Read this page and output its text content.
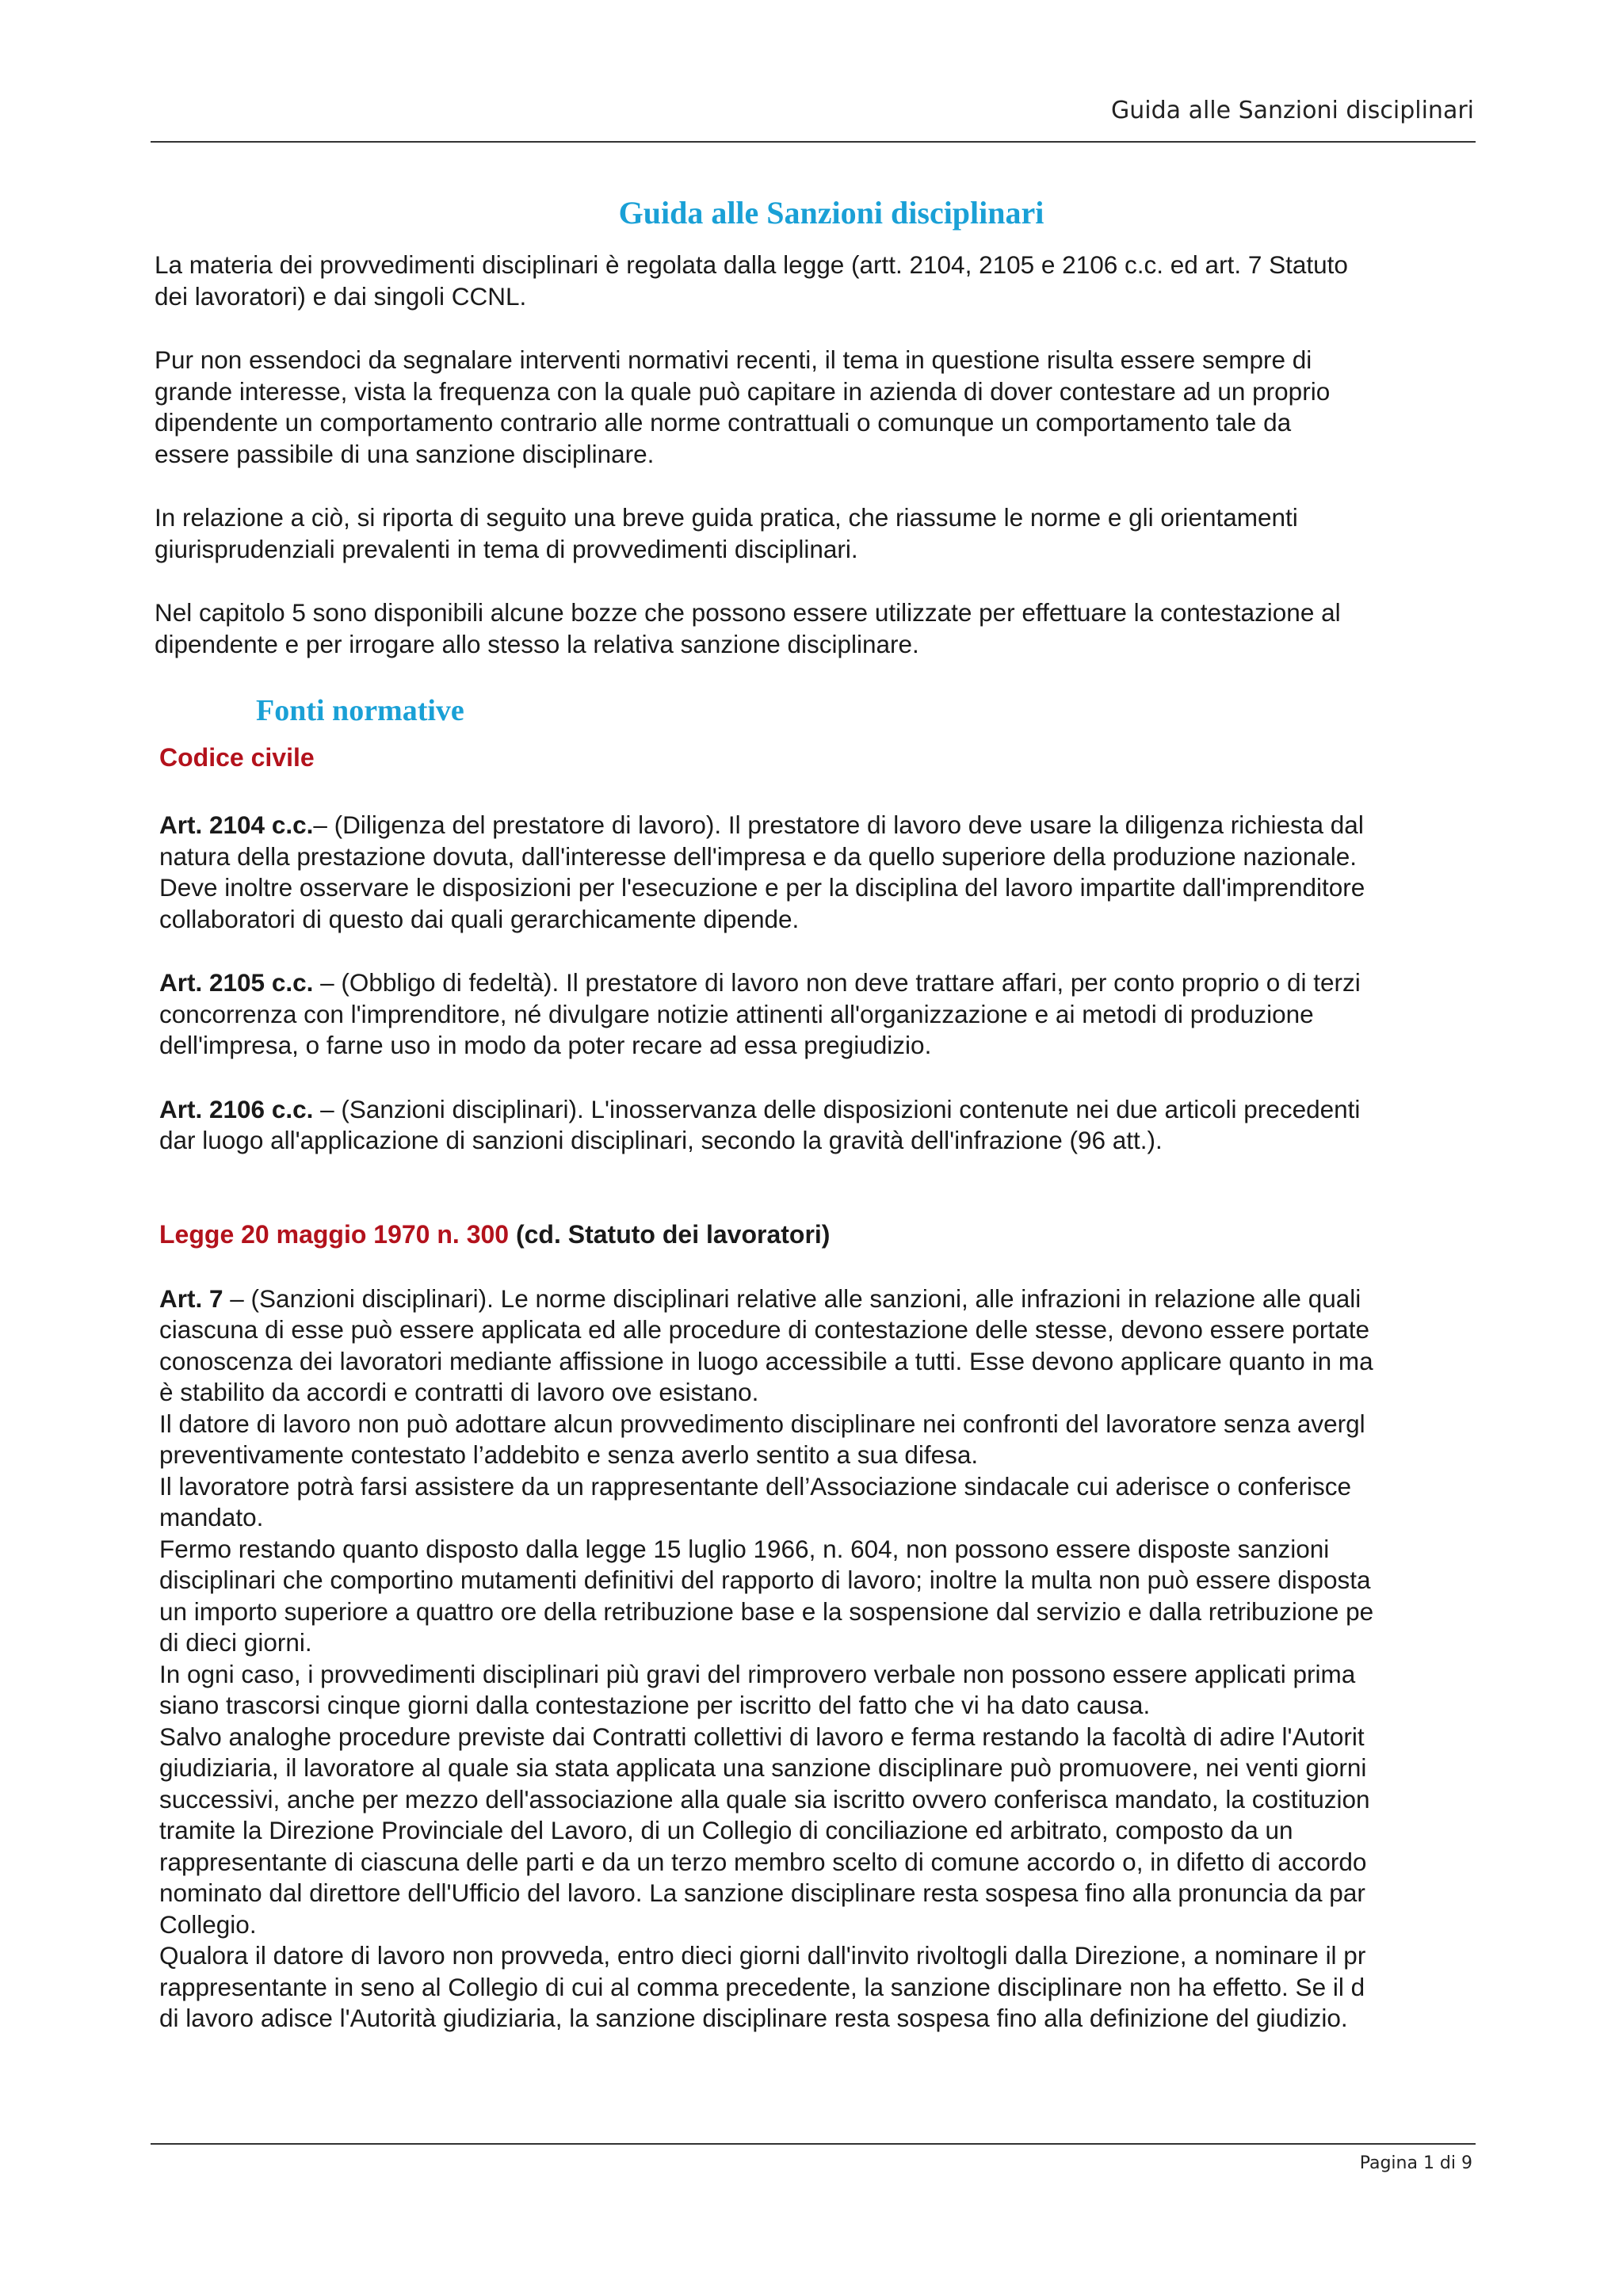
Guida alle Sanzioni disciplinari
Guida alle Sanzioni disciplinari

La materia dei provvedimenti disciplinari è regolata dalla legge (artt. 2104, 2105 e 2106 c.c. ed art. 7 Statuto
dei lavoratori) e dai singoli CCNL.

Pur non essendoci da segnalare interventi normativi recenti, il tema in questione risulta essere sempre di
grande interesse, vista la frequenza con la quale può capitare in azienda di dover contestare ad un proprio
dipendente un comportamento contrario alle norme contrattuali o comunque un comportamento tale da
essere passibile di una sanzione disciplinare.

In relazione a ciò, si riporta di seguito una breve guida pratica, che riassume le norme e gli orientamenti
giurisprudenziali prevalenti in tema di provvedimenti disciplinari.

Nel capitolo 5 sono disponibili alcune bozze che possono essere utilizzate per effettuare la contestazione al
dipendente e per irrogare allo stesso la relativa sanzione disciplinare.

Fonti normative
Codice civile
Art. 2104 c.c.– (Diligenza del prestatore di lavoro). Il prestatore di lavoro deve usare la diligenza richiesta dal
natura della prestazione dovuta, dall'interesse dell'impresa e da quello superiore della produzione nazionale.
Deve inoltre osservare le disposizioni per l'esecuzione e per la disciplina del lavoro impartite dall'imprenditore
collaboratori di questo dai quali gerarchicamente dipende.
Art. 2105 c.c. – (Obbligo di fedeltà). Il prestatore di lavoro non deve trattare affari, per conto proprio o di terzi
concorrenza con l'imprenditore, né divulgare notizie attinenti all'organizzazione e ai metodi di produzione
dell'impresa, o farne uso in modo da poter recare ad essa pregiudizio.
Art. 2106 c.c. – (Sanzioni disciplinari). L'inosservanza delle disposizioni contenute nei due articoli precedenti
dar luogo all'applicazione di sanzioni disciplinari, secondo la gravità dell'infrazione (96 att.).
Legge 20 maggio 1970 n. 300 (cd. Statuto dei lavoratori)
Art. 7 – (Sanzioni disciplinari). Le norme disciplinari relative alle sanzioni, alle infrazioni in relazione alle quali
ciascuna di esse può essere applicata ed alle procedure di contestazione delle stesse, devono essere portate
conoscenza dei lavoratori mediante affissione in luogo accessibile a tutti. Esse devono applicare quanto in ma
è stabilito da accordi e contratti di lavoro ove esistano.
Il datore di lavoro non può adottare alcun provvedimento disciplinare nei confronti del lavoratore senza avergl
preventivamente contestato l’addebito e senza averlo sentito a sua difesa.
Il lavoratore potrà farsi assistere da un rappresentante dell’Associazione sindacale cui aderisce o conferisce
mandato.
Fermo restando quanto disposto dalla legge 15 luglio 1966, n. 604, non possono essere disposte sanzioni
disciplinari che comportino mutamenti definitivi del rapporto di lavoro; inoltre la multa non può essere disposta
un importo superiore a quattro ore della retribuzione base e la sospensione dal servizio e dalla retribuzione pe
di dieci giorni.
In ogni caso, i provvedimenti disciplinari più gravi del rimprovero verbale non possono essere applicati prima
siano trascorsi cinque giorni dalla contestazione per iscritto del fatto che vi ha dato causa.
Salvo analoghe procedure previste dai Contratti collettivi di lavoro e ferma restando la facoltà di adire l'Autorit
giudiziaria, il lavoratore al quale sia stata applicata una sanzione disciplinare può promuovere, nei venti giorni
successivi, anche per mezzo dell'associazione alla quale sia iscritto ovvero conferisca mandato, la costituzion
tramite la Direzione Provinciale del Lavoro, di un Collegio di conciliazione ed arbitrato, composto da un
rappresentante di ciascuna delle parti e da un terzo membro scelto di comune accordo o, in difetto di accordo
nominato dal direttore dell'Ufficio del lavoro. La sanzione disciplinare resta sospesa fino alla pronuncia da par
Collegio.
Qualora il datore di lavoro non provveda, entro dieci giorni dall'invito rivoltogli dalla Direzione, a nominare il pr
rappresentante in seno al Collegio di cui al comma precedente, la sanzione disciplinare non ha effetto. Se il d
di lavoro adisce l'Autorità giudiziaria, la sanzione disciplinare resta sospesa fino alla definizione del giudizio.
Pagina 1 di 9
